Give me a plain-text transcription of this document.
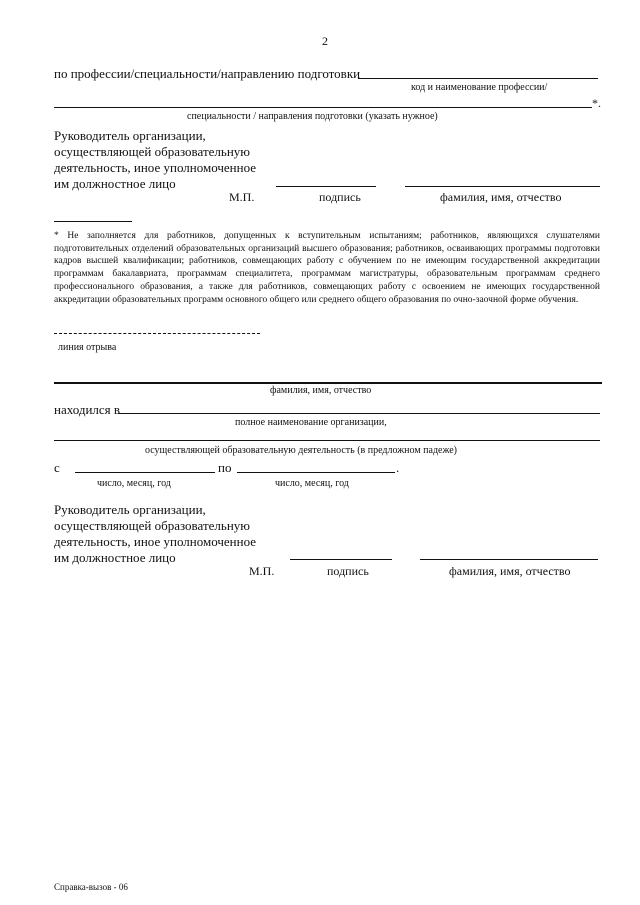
2
по профессии/специальности/направлению подготовки
код и наименование профессии/
*.
специальности / направления подготовки (указать нужное)
Руководитель организации,
осуществляющей образовательную
деятельность, иное уполномоченное
им должностное лицо
М.П.	подпись	фамилия, имя, отчество
* Не заполняется для работников, допущенных к вступительным испытаниям; работников, являющихся слушателями подготовительных отделений образовательных организаций высшего образования; работников, осваивающих программы подготовки кадров высшей квалификации; работников, совмещающих работу с обучением по не имеющим государственной аккредитации программам бакалавриата, программам специалитета, программам магистратуры, образовательным программам среднего профессионального образования, а также для работников, совмещающих работу с освоением не имеющих государственной аккредитации образовательных программ основного общего или среднего общего образования по очно-заочной форме обучения.
линия отрыва
фамилия, имя, отчество
находился в
полное наименование организации,
осуществляющей образовательную деятельность (в предложном падеже)
с	по	.
число, месяц, год	число, месяц, год
Руководитель организации,
осуществляющей образовательную
деятельность, иное уполномоченное
им должностное лицо
М.П.	подпись	фамилия, имя, отчество
Справка-вызов - 06
